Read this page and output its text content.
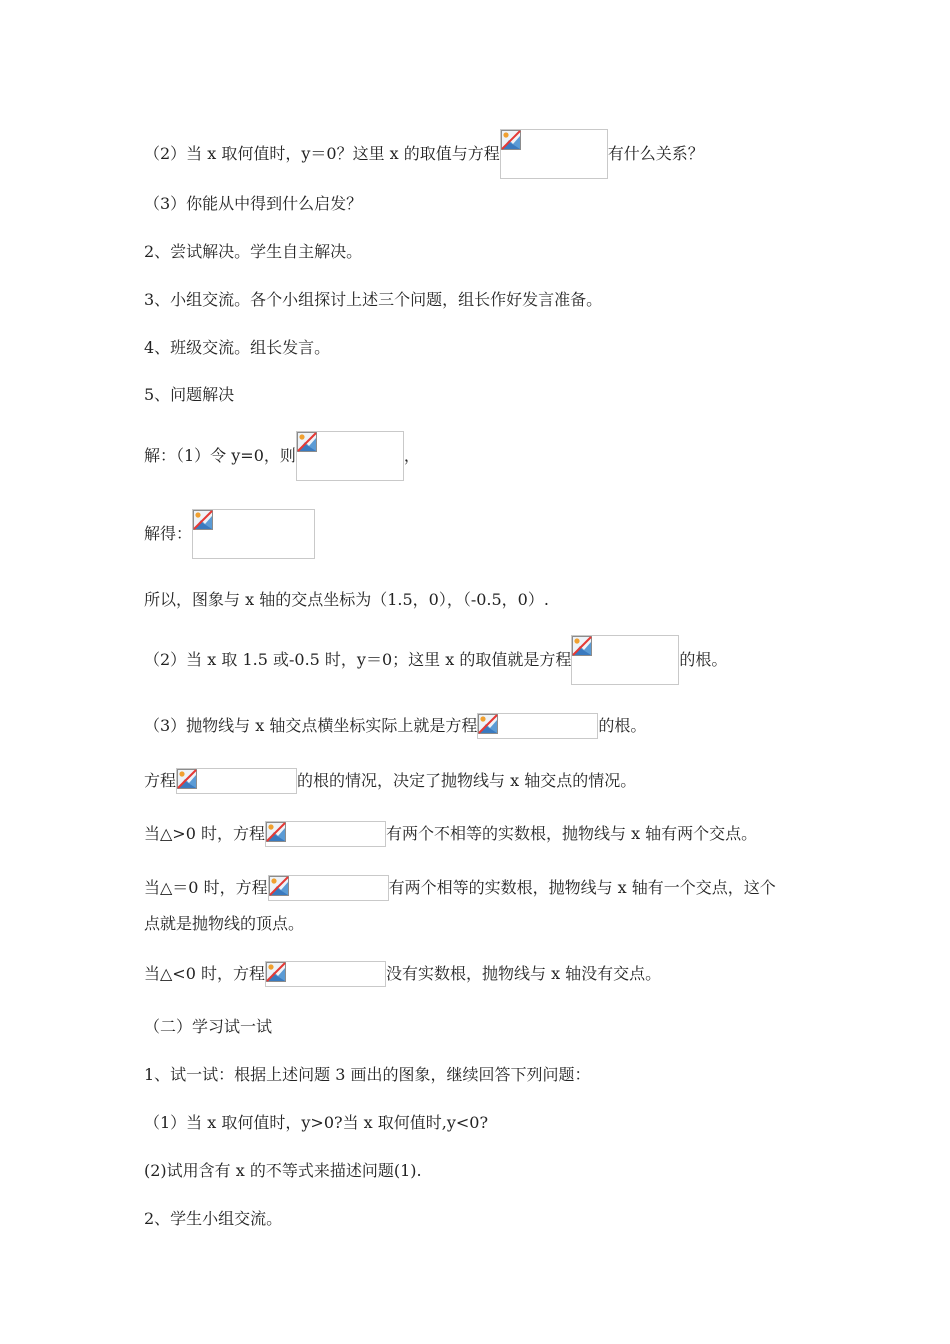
（2）当 x 取何值时，y＝0？这里 x 的取值与方程	有什么关系？
（3）你能从中得到什么启发？
2、尝试解决。学生自主解决。
3、小组交流。各个小组探讨上述三个问题，组长作好发言准备。
4、班级交流。组长发言。
5、问题解决
解：（1）令 y=0，则	，
解得：
所以，图象与 x 轴的交点坐标为（1.5，0），（-0.5，0）.
（2）当 x 取 1.5 或-0.5 时，y＝0；这里 x 的取值就是方程	的根。
（3）抛物线与 x 轴交点横坐标实际上就是方程	的根。
方程	的根的情况，决定了抛物线与 x 轴交点的情况。
当△>0 时，方程	有两个不相等的实数根，抛物线与 x 轴有两个交点。
当△＝0 时，方程	有两个相等的实数根，抛物线与 x 轴有一个交点，这个
点就是抛物线的顶点。
当△<0 时，方程	没有实数根，抛物线与 x 轴没有交点。
（二）学习试一试
1、试一试：根据上述问题 3 画出的图象，继续回答下列问题：
（1）当 x 取何值时，y>0?当 x 取何值时,y<0?
(2)试用含有 x 的不等式来描述问题(1).
2、学生小组交流。
